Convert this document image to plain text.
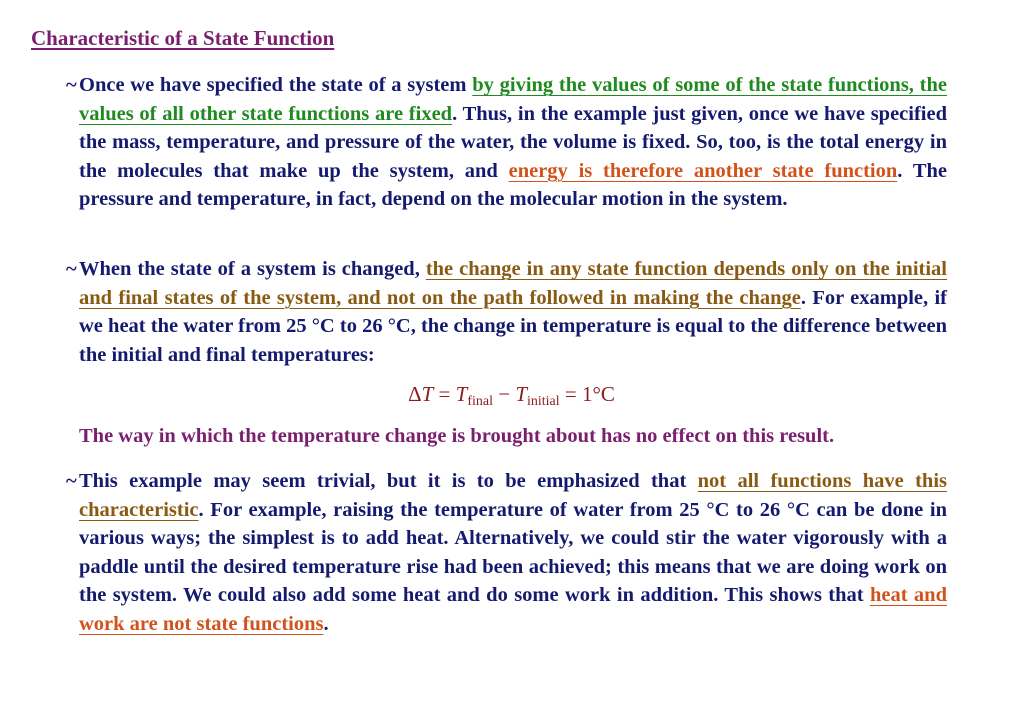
Characteristic of a State Function
~ Once we have specified the state of a system by giving the values of some of the state functions, the values of all other state functions are fixed. Thus, in the example just given, once we have specified the mass, temperature, and pressure of the water, the volume is fixed. So, too, is the total energy in the molecules that make up the system, and energy is therefore another state function. The pressure and temperature, in fact, depend on the molecular motion in the system.
~ When the state of a system is changed, the change in any state function depends only on the initial and final states of the system, and not on the path followed in making the change. For example, if we heat the water from 25 °C to 26 °C, the change in temperature is equal to the difference between the initial and final temperatures:
$\Delta T = T_{final} - T_{initial} = 1^\circ C$
The way in which the temperature change is brought about has no effect on this result.
~ This example may seem trivial, but it is to be emphasized that not all functions have this characteristic. For example, raising the temperature of water from 25 °C to 26 °C can be done in various ways; the simplest is to add heat. Alternatively, we could stir the water vigorously with a paddle until the desired temperature rise had been achieved; this means that we are doing work on the system. We could also add some heat and do some work in addition. This shows that heat and work are not state functions.
